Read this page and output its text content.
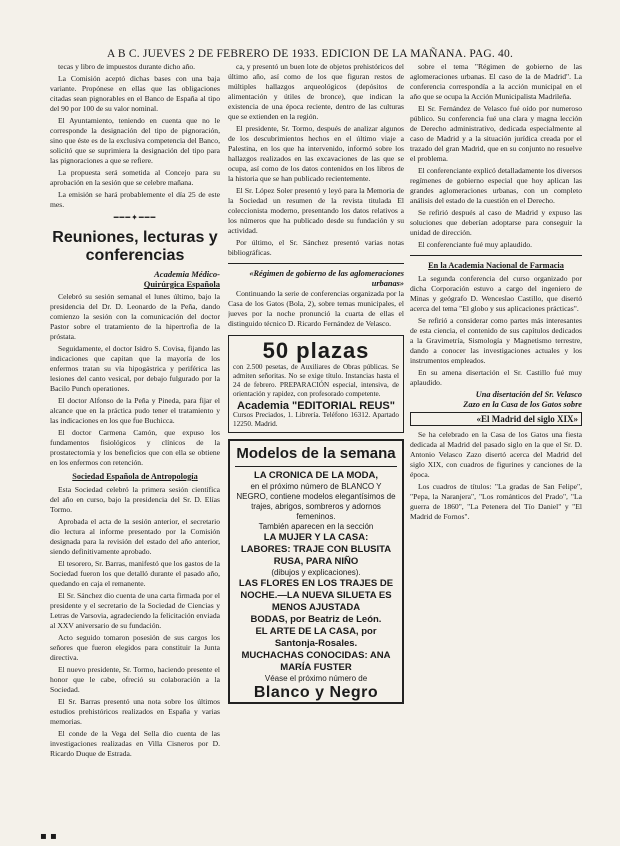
A B C. JUEVES 2 DE FEBRERO DE 1933. EDICION DE LA MAÑANA. PAG. 40.

tecas y libro de impuestos durante dicho año.

La Comisión aceptó dichas bases con una baja variante. Propónese en ellas que las obligaciones citadas sean pignorables en el Banco de España al tipo del 90 por 100 de su valor nominal.

El Ayuntamiento, teniendo en cuenta que no le corresponde la designación del tipo de pignoración, sino que éste es de la exclusiva competencia del Banco, solicitó que se suprimiera la designación del tipo para las pignoraciones a que se refiere.

La propuesta será sometida al Concejo para su aprobación en la sesión que se celebre mañana.

La emisión se hará probablemente el día 25 de este mes.

━━━✦━━━
Reuniones, lecturas y conferencias
Academia Médico-
Quirúrgica Española

Celebró su sesión semanal el lunes último, bajo la presidencia del Dr. D. Leonardo de la Peña, dando comienzo la sesión con la comunicación del doctor Pastor sobre el tratamiento de la hipertrofia de la próstata.

Seguidamente, el doctor Isidro S. Covisa, fijando las indicaciones que capitan que la mayoría de los enfermos tratan su vía hipogástrica y periférica las lesiones del canto vesical, por debajo fulgurado por la Bacilo Punch operationes.

El doctor Alfonso de la Peña y Pineda, para fijar el alcance que en la práctica pudo tener el tratamiento y las indicaciones en los que fue Buchicca.

El doctor Carmena Camón, que expuso los fundamentos fisiológicos y clínicos de la prostatectomía y los beneficios que con ella se obtiene en los enfermos con retención.

Sociedad Española de Antropología

Esta Sociedad celebró la primera sesión científica del año en curso, bajo la presidencia del Sr. D. Elías Tormo.

Aprobada el acta de la sesión anterior, el secretario dio lectura al informe presentado por la Comisión designada para la revisión del estado del año anterior, siendo definitivamente aprobado.

El tesorero, Sr. Barras, manifestó que los gastos de la Sociedad fueron los que detalló durante el pasado año, quedando en caja el remanente.

El Sr. Sánchez dio cuenta de una carta firmada por el presidente y el secretario de la Sociedad de Ciencias y Letras de Varsovia, agradeciendo la felicitación enviada al XXV aniversario de su fundación.

Acto seguido tomaron posesión de sus cargos los señores que fueron elegidos para constituir la Junta directiva.

El nuevo presidente, Sr. Tormo, haciendo presente el honor que le cabe, ofreció su colaboración a la Sociedad.

El Sr. Barras presentó una nota sobre los últimos estudios prehistóricos realizados en España y varias memorias.

El conde de la Vega del Sella dio cuenta de las investigaciones realizadas en Villa Cisneros por D. Ricardo Duque de Estrada.

ca, y presentó un buen lote de objetos prehistóricos del último año, así como de los que figuran restos de múltiples hallazgos arqueológicos (depósitos de alimentación y útiles de bronce), que indican la existencia de una época reciente, dentro de las culturas que se extienden en la región.

El presidente, Sr. Tormo, después de analizar algunos de los descubrimientos hechos en el último viaje a Palestina, en los que ha intervenido, informó sobre los hallazgos realizados en las excavaciones de las que se ocupa, así como de los datos contenidos en los libros de la historia que se han publicado recientemente.

El Sr. López Soler presentó y leyó para la Memoria de la Sociedad un resumen de la revista titulada El coleccionista moderno, presentando los datos relativos a los números que ha publicado desde su fundación y su actividad.

Por último, el Sr. Sánchez presentó varias notas bibliográficas.

«Régimen de gobierno de las aglomeraciones urbanas»

Continuando la serie de conferencias organizada por la Casa de los Gatos (Bola, 2), sobre temas municipales, el jueves por la noche pronunció la cuarta de ellas el distinguido técnico D. Ricardo Fernández de Velasco.

50 plazas
con 2.500 pesetas, de Auxiliares de Obras públicas. Se admiten señoritas. No se exige título. Instancias hasta el 24 de febrero. PREPARACIÓN especial, intensiva, de orientación y rapidez, con profesorado competente.
Academia "EDITORIAL REUS"
Cursos Preciados, 1. Librería. Teléfono 16312. Apartado 12250. Madrid.
Modelos de la semana
LA CRONICA DE LA MODA,
en el próximo número de BLANCO Y NEGRO, contiene modelos elegantísimos de trajes, abrigos, sombreros y adornos femeninos.
También aparecen en la sección
LA MUJER Y LA CASA:
LABORES: TRAJE CON BLUSITA RUSA, PARA NIÑO
(dibujos y explicaciones).
LAS FLORES EN LOS TRAJES DE NOCHE.—LA NUEVA SILUETA ES MENOS AJUSTADA
BODAS, por Beatriz de León.
EL ARTE DE LA CASA, por Santonja-Rosales.
MUCHACHAS CONOCIDAS: ANA MARÍA FUSTER
Véase el próximo número de
Blanco y Negro

sobre el tema "Régimen de gobierno de las aglomeraciones urbanas. El caso de la de Madrid". La conferencia correspondía a la acción municipal en el año que se ocupa la Acción Municipalista Madrileña.

El Sr. Fernández de Velasco fué oído por numeroso público. Su conferencia fué una clara y magna lección de Derecho administrativo, dedicada especialmente al caso de Madrid y a la situación jurídica creada por el trazado del gran Madrid, que en su conjunto no resuelve el problema.

El conferenciante explicó detalladamente los diversos regímenes de gobierno especial que hoy aplican las grandes aglomeraciones urbanas, con un completo análisis del estado de la cuestión en el Derecho.

Se refirió después al caso de Madrid y expuso las soluciones que deberían adoptarse para conseguir la unidad de dirección.

El conferenciante fué muy aplaudido.

En la Academia Nacional de Farmacia

La segunda conferencia del curso organizado por dicha Corporación estuvo a cargo del ingeniero de Minas y geógrafo D. Wenceslao Castillo, que disertó acerca del tema "El globo y sus aplicaciones prácticas".

Se refirió a considerar como partes más interesantes de esta ciencia, el contenido de sus capítulos dedicados a la Gravimetría, Sismología y Magnetismo terrestre, dando a conocer las investigaciones actuales y los instrumentos empleados.

En su amena disertación el Sr. Castillo fué muy aplaudido.

Una disertación del Sr. Velasco
Zazo en la Casa de los Gatos sobre
«El Madrid del siglo XIX»

Se ha celebrado en la Casa de los Gatos una fiesta dedicada al Madrid del pasado siglo en la que el Sr. D. Antonio Velasco Zazo disertó acerca del Madrid del siglo XIX, con cuadros de figurines y canciones de la época.

Los cuadros de títulos: "La gradas de San Felipe", "Pepa, la Naranjera", "Los románticos del Prado", "La guerra de 1860", "La Petenera del Tío Daniel" y "El Madrid de Fornos".

▪ ▪
